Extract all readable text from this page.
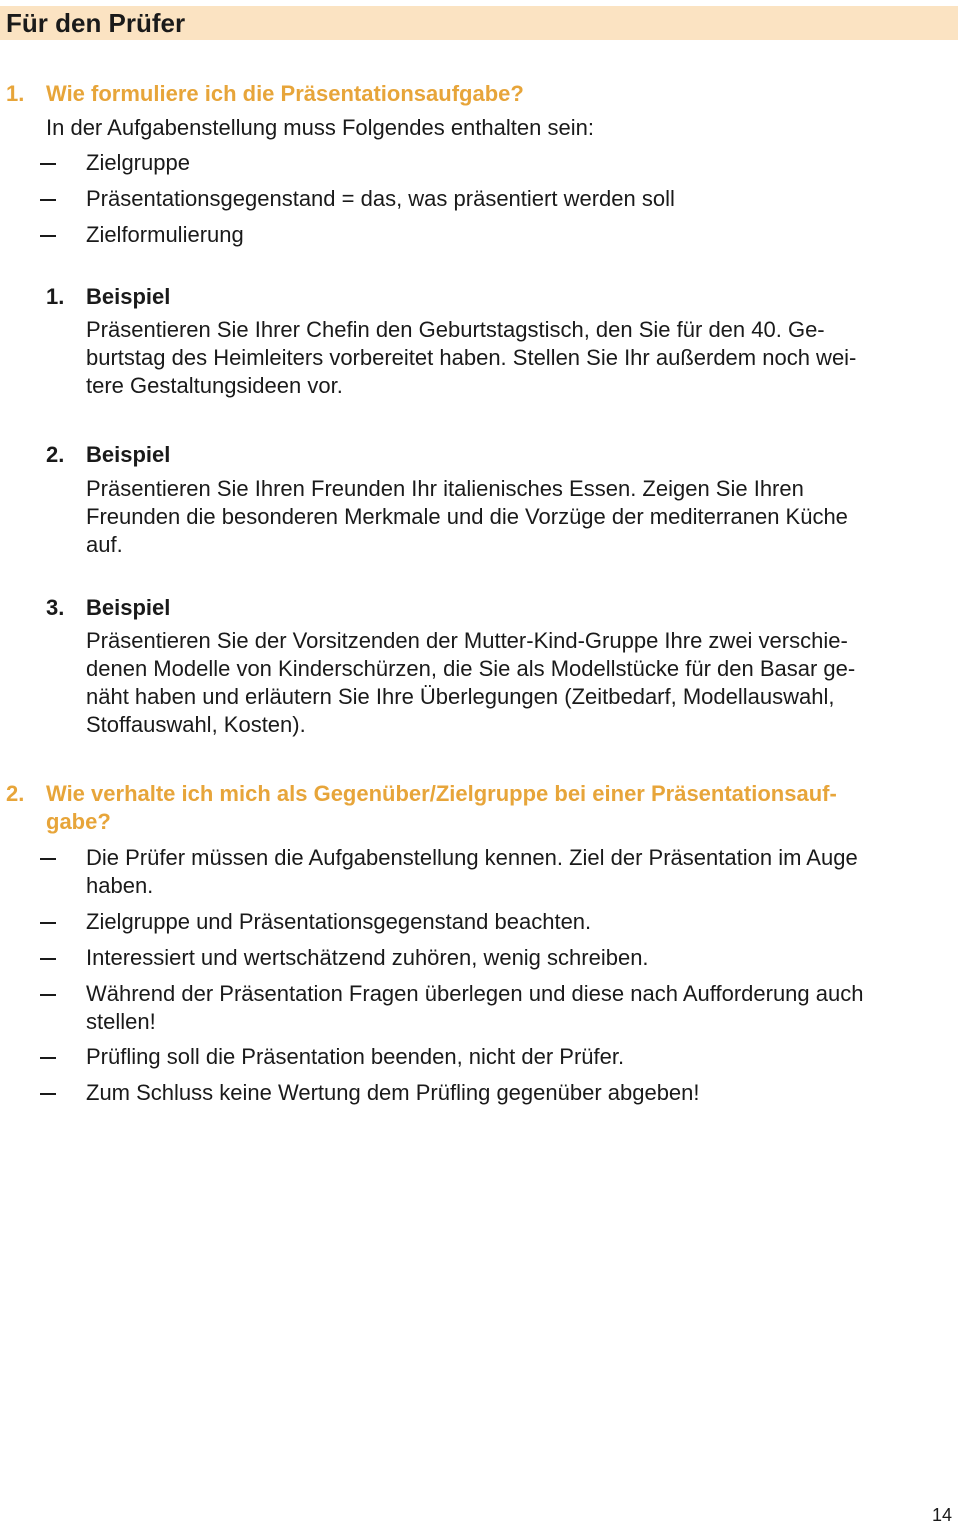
Für den Prüfer
1. Wie formuliere ich die Präsentationsaufgabe?
In der Aufgabenstellung muss Folgendes enthalten sein:
Zielgruppe
Präsentationsgegenstand = das, was präsentiert werden soll
Zielformulierung
1. Beispiel
Präsentieren Sie Ihrer Chefin den Geburtstagstisch, den Sie für den 40. Ge-
burtstag des Heimleiters vorbereitet haben. Stellen Sie Ihr außerdem noch wei-
tere Gestaltungsideen vor.
2. Beispiel
Präsentieren Sie Ihren Freunden Ihr italienisches Essen. Zeigen Sie Ihren
Freunden die besonderen Merkmale und die Vorzüge der mediterranen Küche
auf.
3. Beispiel
Präsentieren Sie der Vorsitzenden der Mutter-Kind-Gruppe Ihre zwei verschie-
denen Modelle von Kinderschürzen, die Sie als Modellstücke für den Basar ge-
näht haben und erläutern Sie Ihre Überlegungen (Zeitbedarf, Modellauswahl,
Stoffauswahl, Kosten).
2. Wie verhalte ich mich als Gegenüber/Zielgruppe bei einer Präsentationsauf-
gabe?
Die Prüfer müssen die Aufgabenstellung kennen. Ziel der Präsentation im Auge
haben.
Zielgruppe und Präsentationsgegenstand beachten.
Interessiert und wertschätzend zuhören, wenig schreiben.
Während der Präsentation Fragen überlegen und diese nach Aufforderung auch
stellen!
Prüfling soll die Präsentation beenden, nicht der Prüfer.
Zum Schluss keine Wertung dem Prüfling gegenüber abgeben!
14
